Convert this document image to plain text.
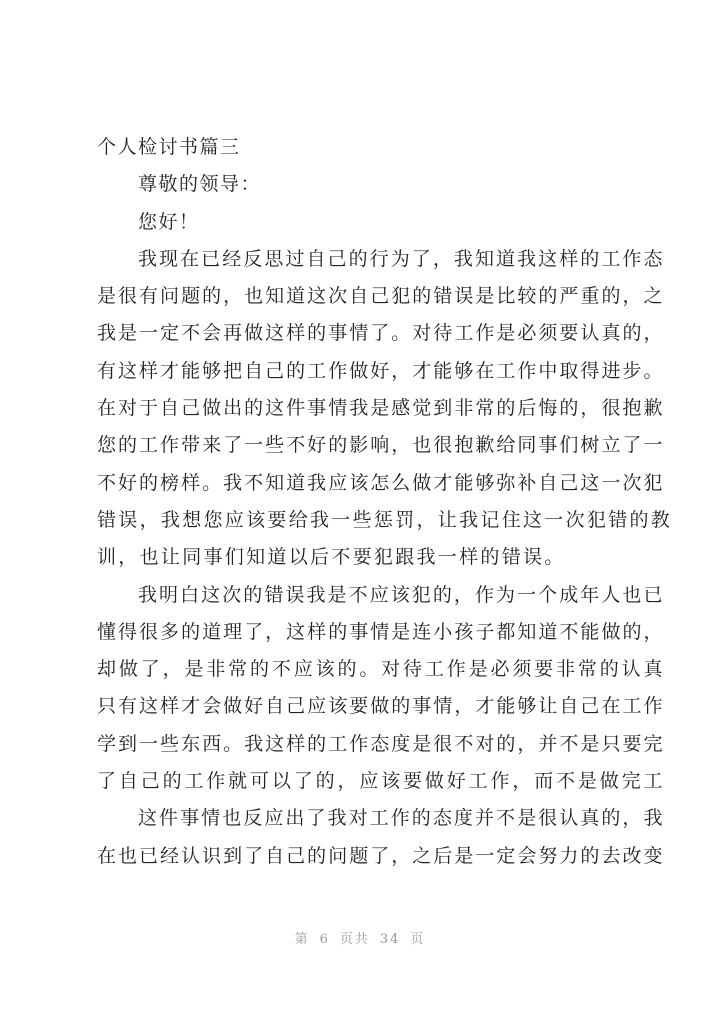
个人检讨书篇三
尊敬的领导：
您好！
我现在已经反思过自己的行为了，我知道我这样的工作态
是很有问题的，也知道这次自己犯的错误是比较的严重的，之
我是一定不会再做这样的事情了。对待工作是必须要认真的，
有这样才能够把自己的工作做好，才能够在工作中取得进步。
在对于自己做出的这件事情我是感觉到非常的后悔的，很抱歉
您的工作带来了一些不好的影响，也很抱歉给同事们树立了一
不好的榜样。我不知道我应该怎么做才能够弥补自己这一次犯
错误，我想您应该要给我一些惩罚，让我记住这一次犯错的教
训，也让同事们知道以后不要犯跟我一样的错误。
我明白这次的错误我是不应该犯的，作为一个成年人也已
懂得很多的道理了，这样的事情是连小孩子都知道不能做的，
却做了，是非常的不应该的。对待工作是必须要非常的认真
只有这样才会做好自己应该要做的事情，才能够让自己在工作
学到一些东西。我这样的工作态度是很不对的，并不是只要完
了自己的工作就可以了的，应该要做好工作，而不是做完工
这件事情也反应出了我对工作的态度并不是很认真的，我
在也已经认识到了自己的问题了，之后是一定会努力的去改变
第 6 页共 34 页
